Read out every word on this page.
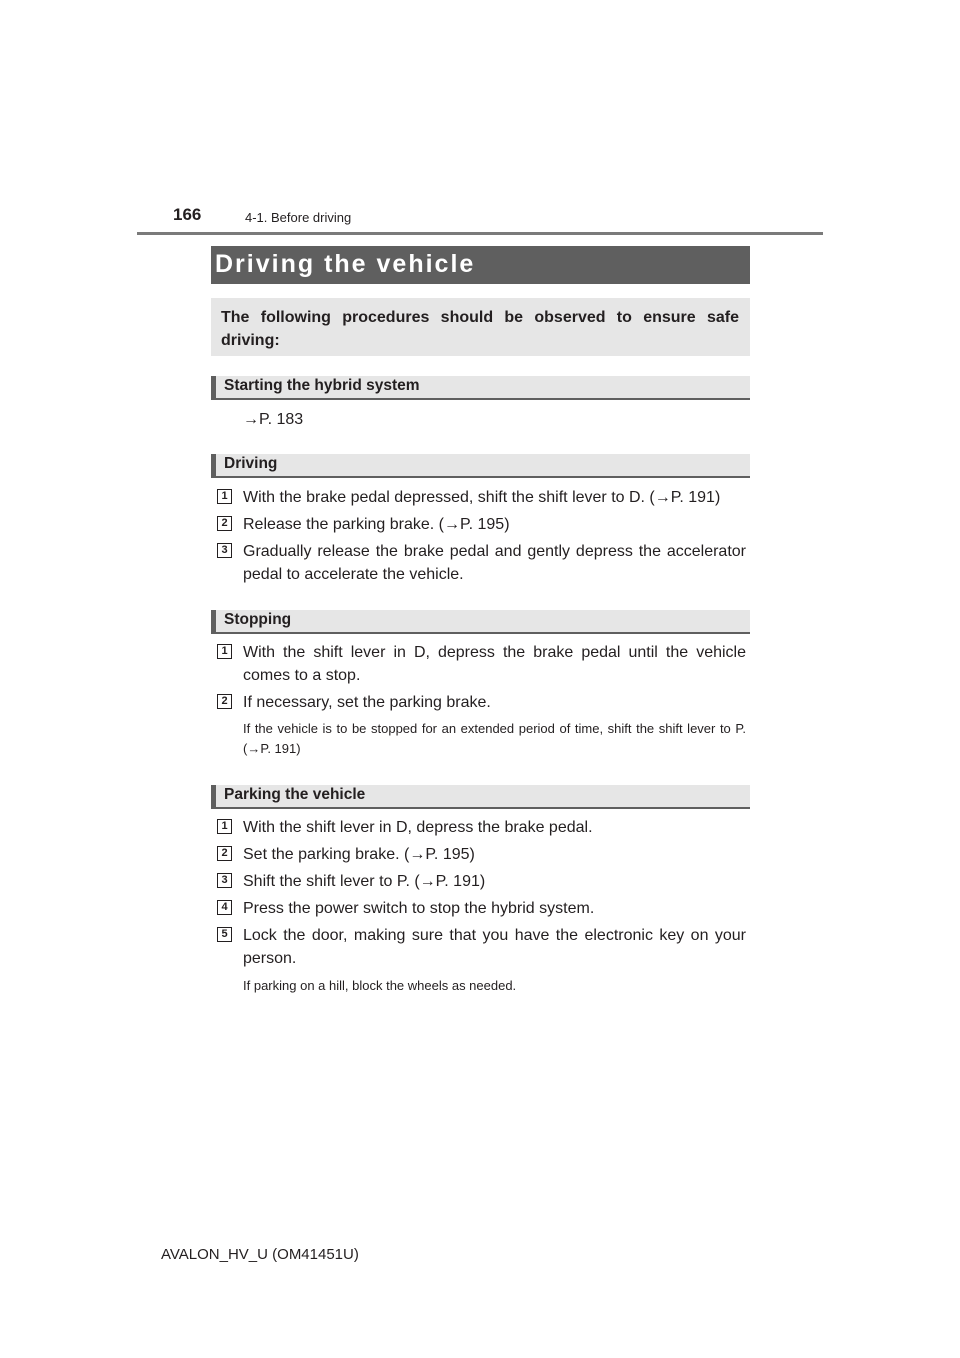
166	4-1. Before driving
Driving the vehicle
The following procedures should be observed to ensure safe driving:
Starting the hybrid system
→P. 183
Driving
1 With the brake pedal depressed, shift the shift lever to D. (→P. 191)
2 Release the parking brake. (→P. 195)
3 Gradually release the brake pedal and gently depress the accelerator pedal to accelerate the vehicle.
Stopping
1 With the shift lever in D, depress the brake pedal until the vehicle comes to a stop.
2 If necessary, set the parking brake.
If the vehicle is to be stopped for an extended period of time, shift the shift lever to P. (→P. 191)
Parking the vehicle
1 With the shift lever in D, depress the brake pedal.
2 Set the parking brake. (→P. 195)
3 Shift the shift lever to P. (→P. 191)
4 Press the power switch to stop the hybrid system.
5 Lock the door, making sure that you have the electronic key on your person.
If parking on a hill, block the wheels as needed.
AVALON_HV_U (OM41451U)
